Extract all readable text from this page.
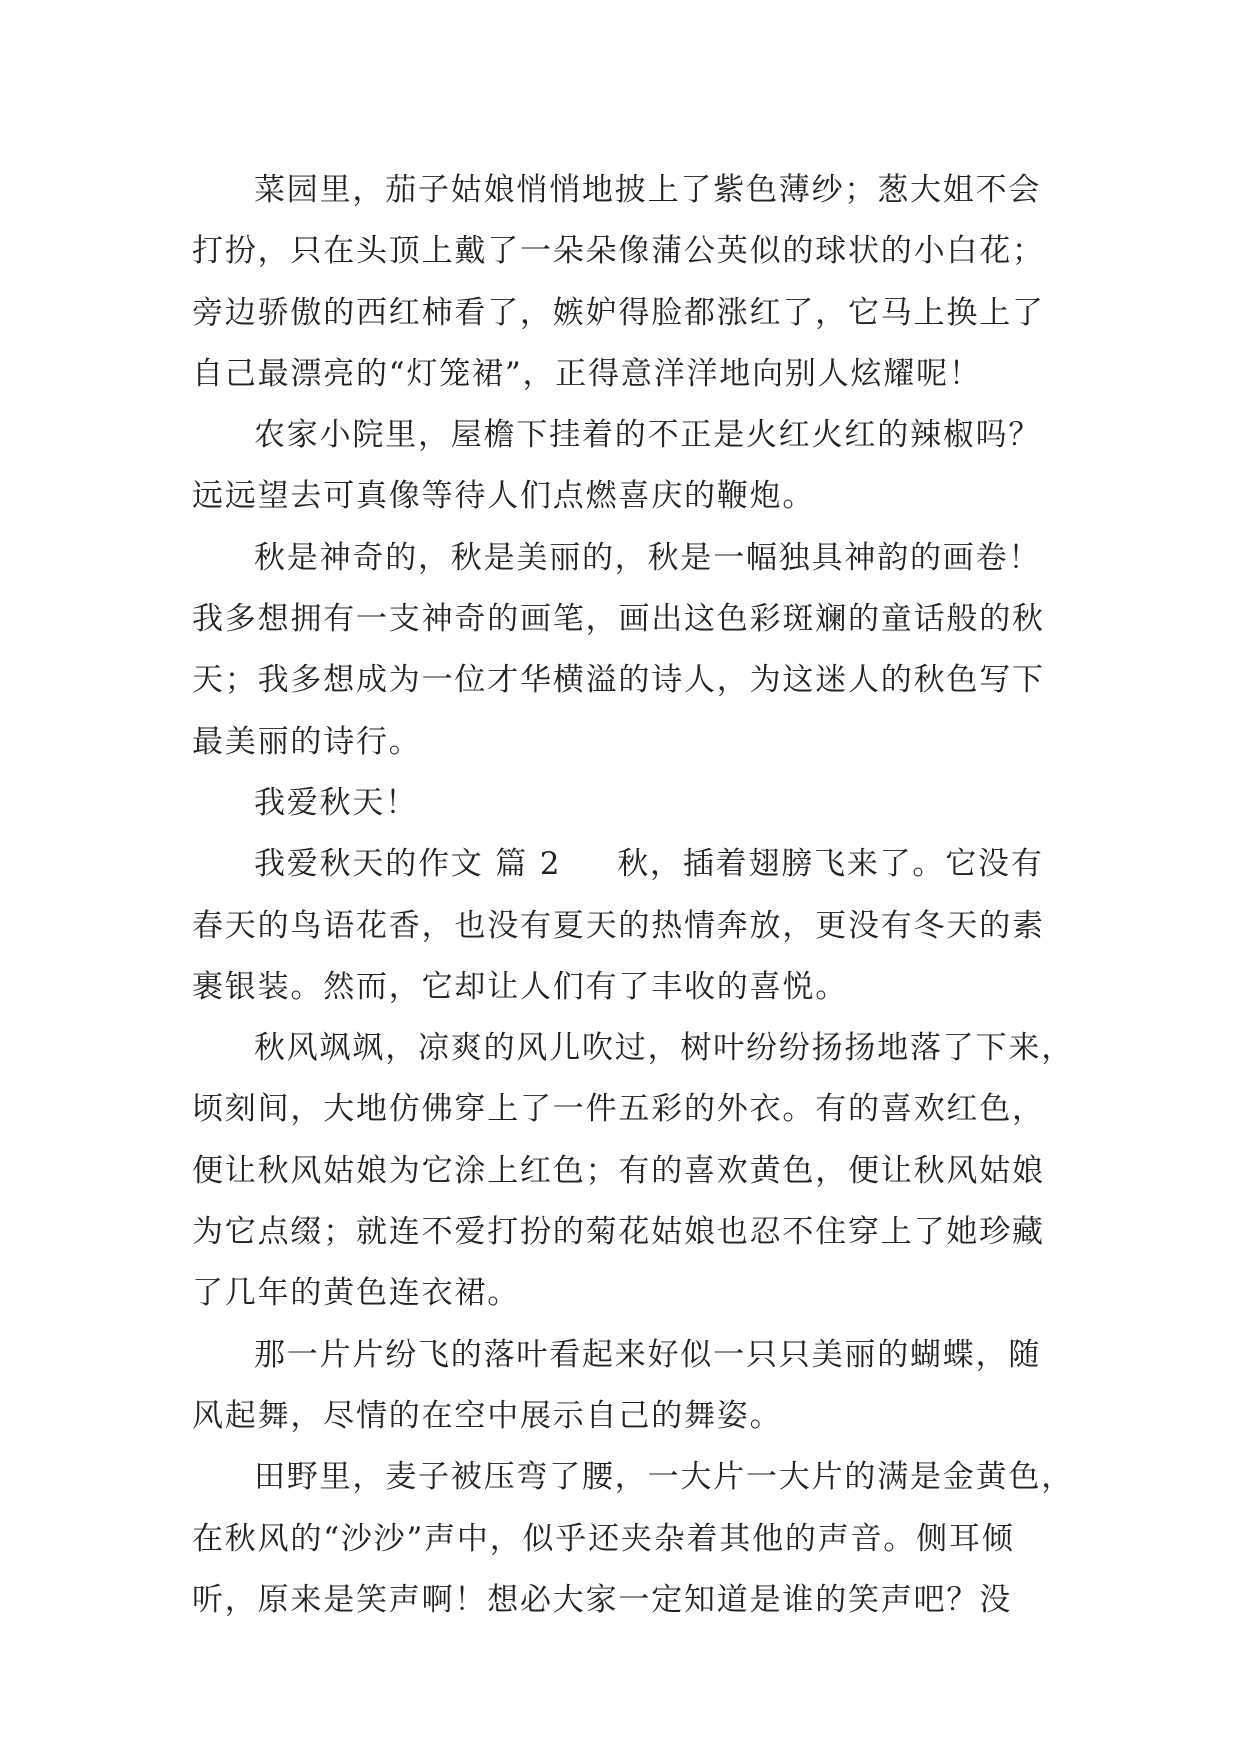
菜园里，茄子姑娘悄悄地披上了紫色薄纱；葱大姐不会
打扮，只在头顶上戴了一朵朵像蒲公英似的球状的小白花；
旁边骄傲的西红柿看了，嫉妒得脸都涨红了，它马上换上了
自己最漂亮的“灯笼裙”，正得意洋洋地向别人炫耀呢！
农家小院里，屋檐下挂着的不正是火红火红的辣椒吗？
远远望去可真像等待人们点燃喜庆的鞭炮。
秋是神奇的，秋是美丽的，秋是一幅独具神韵的画卷！
我多想拥有一支神奇的画笔，画出这色彩斑斓的童话般的秋
天；我多想成为一位才华横溢的诗人，为这迷人的秋色写下
最美丽的诗行。
我爱秋天！
我爱秋天的作文 篇 2 秋，插着翅膀飞来了。它没有
春天的鸟语花香，也没有夏天的热情奔放，更没有冬天的素
裹银装。然而，它却让人们有了丰收的喜悦。
秋风飒飒，凉爽的风儿吹过，树叶纷纷扬扬地落了下来，
顷刻间，大地仿佛穿上了一件五彩的外衣。有的喜欢红色，
便让秋风姑娘为它涂上红色；有的喜欢黄色，便让秋风姑娘
为它点缀；就连不爱打扮的菊花姑娘也忍不住穿上了她珍藏
了几年的黄色连衣裙。
那一片片纷飞的落叶看起来好似一只只美丽的蝴蝶，随
风起舞，尽情的在空中展示自己的舞姿。
田野里，麦子被压弯了腰，一大片一大片的满是金黄色，
在秋风的“沙沙”声中，似乎还夹杂着其他的声音。侧耳倾
听，原来是笑声啊！想必大家一定知道是谁的笑声吧？没
